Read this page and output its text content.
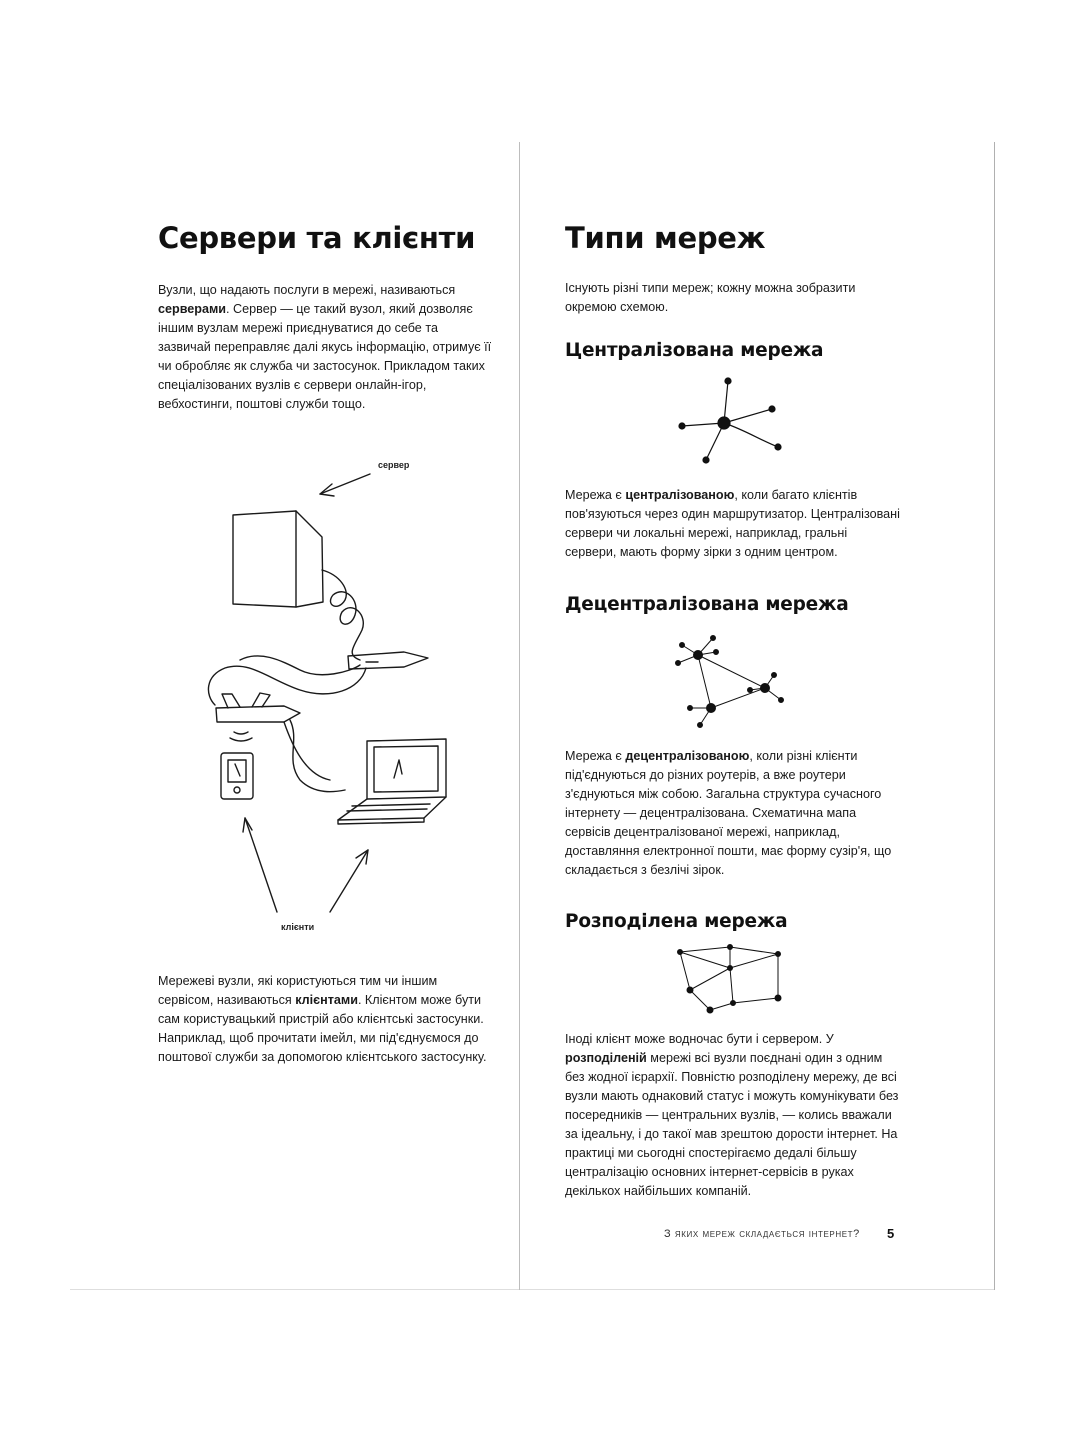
Сервери та клієнти

Вузли, що надають послуги в мережі, називаються серверами. Сервер — це такий вузол, який дозволяє іншим вузлам мережі приєднуватися до себе та зазвичай переправляє далі якусь інформацію, отримує її чи обробляє як служба чи застосунок. Прикладом таких спеціалізованих вузлів є сервери онлайн-ігор, вебхостинги, поштові служби тощо.

сервер
клієнти

Мережеві вузли, які користуються тим чи іншим сервісом, називаються клієнтами. Клієнтом може бути сам користувацький пристрій або клієнтські застосунки. Наприклад, щоб прочитати імейл, ми під'єднуємося до поштової служби за допомогою клієнтського застосунку.

Типи мереж

Існують різні типи мереж; кожну можна зобразити окремою схемою.

Централізована мережа

Мережа є централізованою, коли багато клієнтів пов'язуються через один маршрутизатор. Централізовані сервери чи локальні мережі, наприклад, гральні сервери, мають форму зірки з одним центром.

Децентралізована мережа

Мережа є децентралізованою, коли різні клієнти під'єднуються до різних роутерів, а вже роутери з'єднуються між собою. Загальна структура сучасного інтернету — децентралізована. Схематична мапа сервісів децентралізованої мережі, наприклад, доставляння електронної пошти, має форму сузір'я, що складається з безлічі зірок.

Розподілена мережа

Іноді клієнт може водночас бути і сервером. У розподіленій мережі всі вузли поєднані один з одним без жодної ієрархії. Повністю розподілену мережу, де всі вузли мають однаковий статус і можуть комунікувати без посередників — центральних вузлів, — колись вважали за ідеальну, і до такої мав зрештою дорости інтернет. На практиці ми сьогодні спостерігаємо дедалі більшу централізацію основних інтернет-сервісів в руках декількох найбільших компаній.

З яких мереж складається інтернет? 5
